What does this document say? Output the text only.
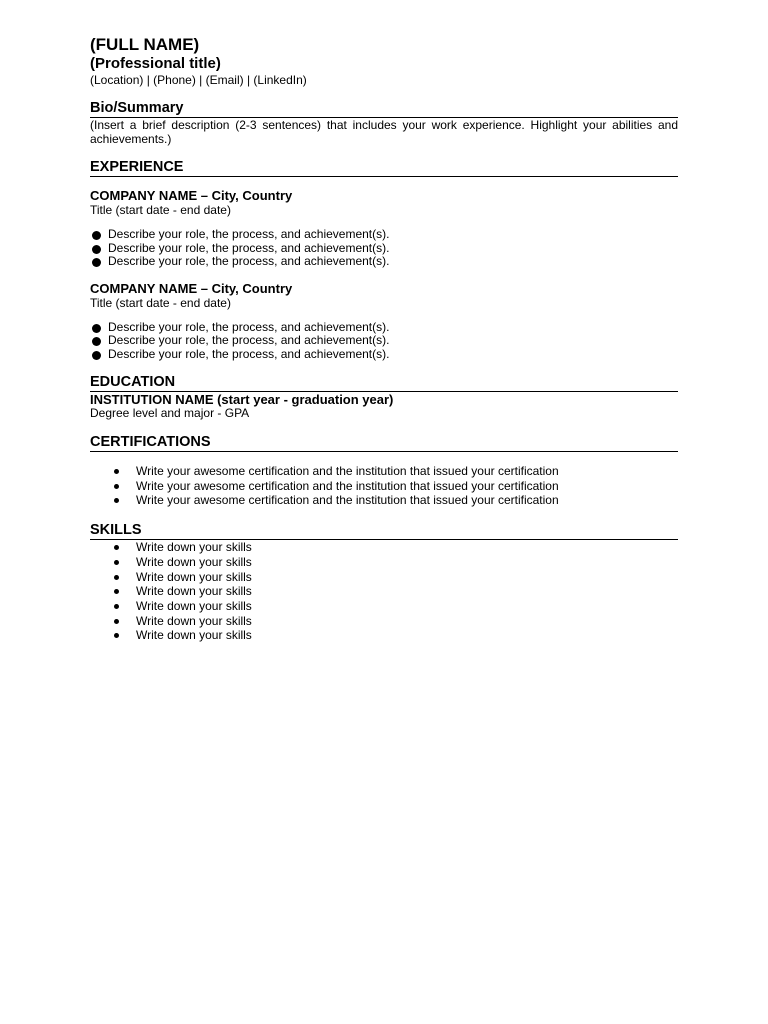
(FULL NAME)

(Professional title)

(Location) | (Phone) | (Email) | (LinkedIn)

Bio/Summary

(Insert a brief description (2-3 sentences) that includes your work experience. Highlight your abilities and achievements.)

EXPERIENCE

COMPANY NAME – City, Country

Title (start date - end date)

Describe your role, the process, and achievement(s).
Describe your role, the process, and achievement(s).
Describe your role, the process, and achievement(s).

COMPANY NAME – City, Country

Title (start date - end date)

Describe your role, the process, and achievement(s).
Describe your role, the process, and achievement(s).
Describe your role, the process, and achievement(s).

EDUCATION

INSTITUTION NAME (start year - graduation year)

Degree level and major - GPA

CERTIFICATIONS

Write your awesome certification and the institution that issued your certification
Write your awesome certification and the institution that issued your certification
Write your awesome certification and the institution that issued your certification

SKILLS

Write down your skills
Write down your skills
Write down your skills
Write down your skills
Write down your skills
Write down your skills
Write down your skills
